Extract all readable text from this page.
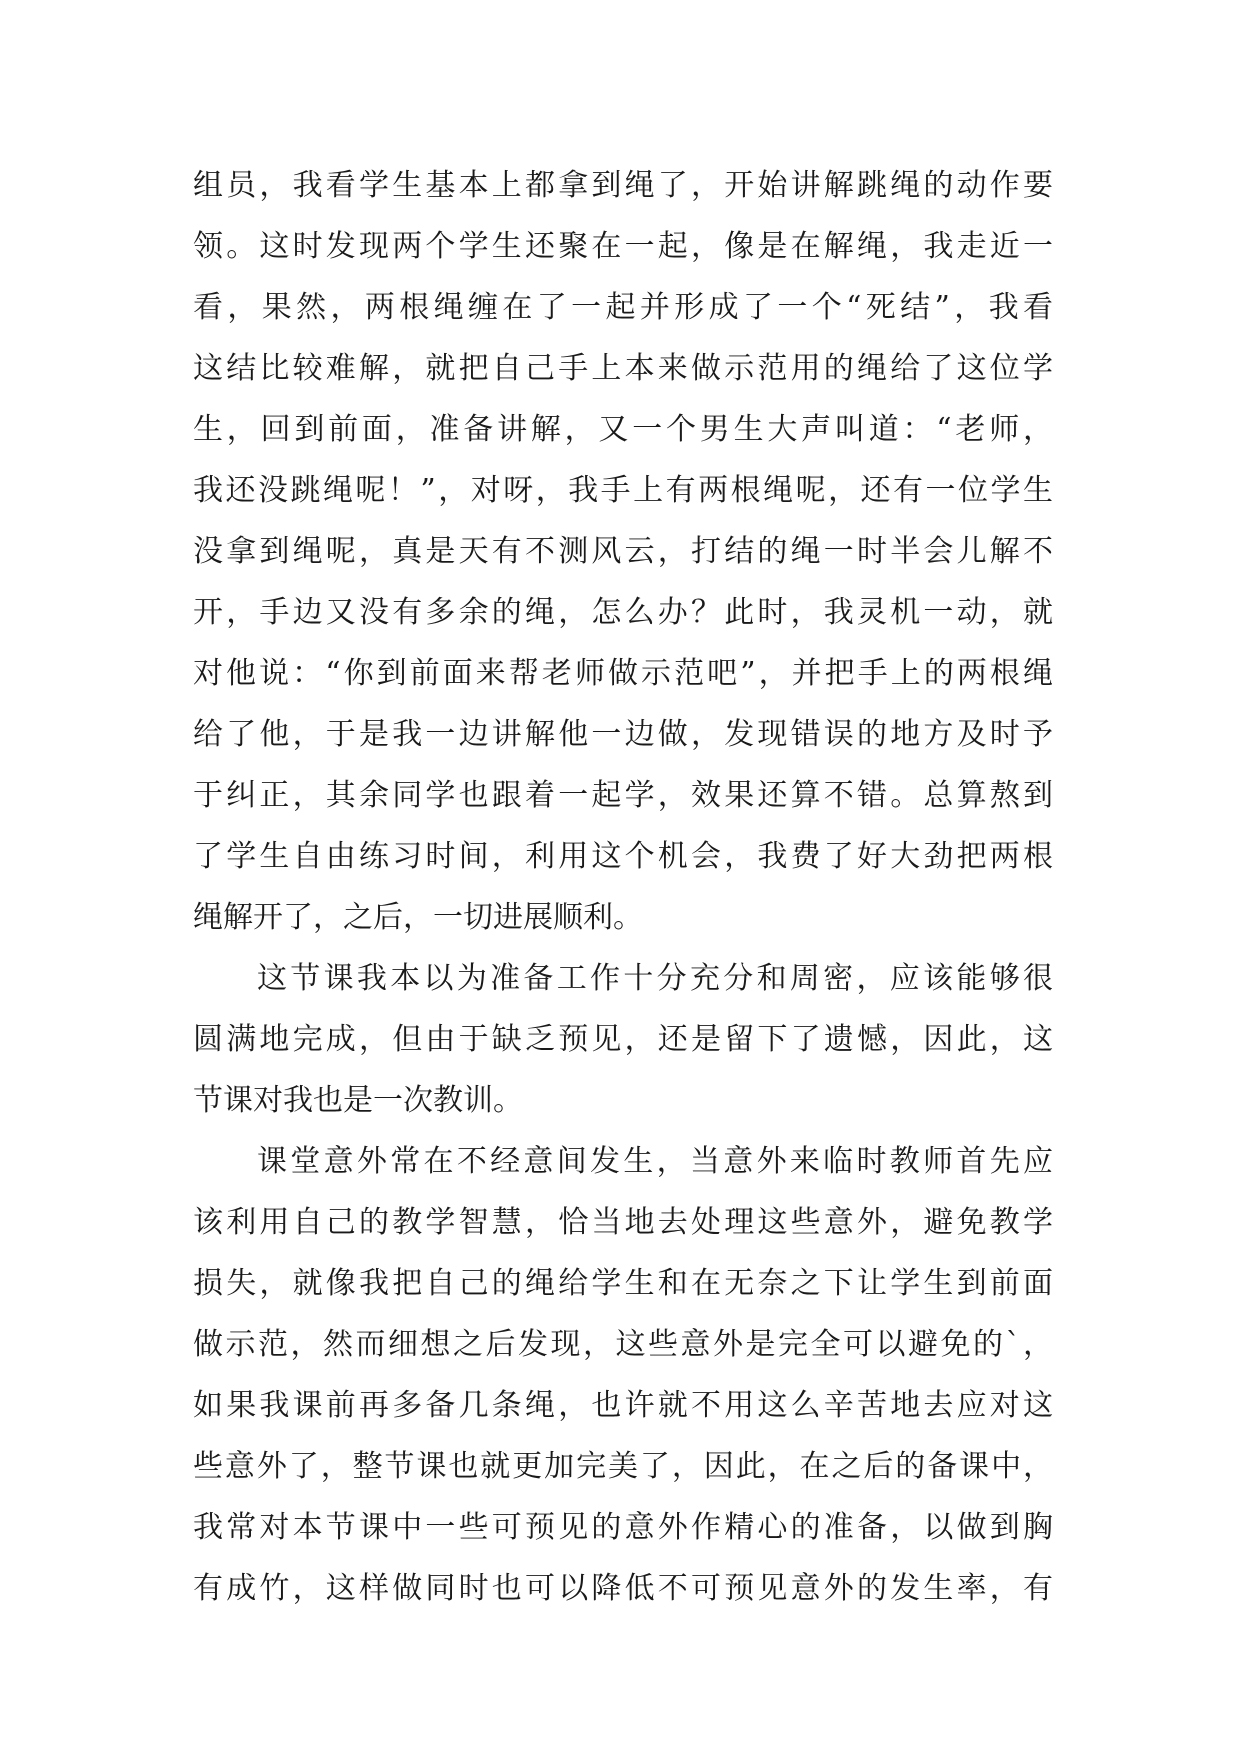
组员，我看学生基本上都拿到绳了，开始讲解跳绳的动作要
领。这时发现两个学生还聚在一起，像是在解绳，我走近一
看，果然，两根绳缠在了一起并形成了一个“死结”，我看
这结比较难解，就把自己手上本来做示范用的绳给了这位学
生，回到前面，准备讲解，又一个男生大声叫道：“老师，
我还没跳绳呢！”，对呀，我手上有两根绳呢，还有一位学生
没拿到绳呢，真是天有不测风云，打结的绳一时半会儿解不
开，手边又没有多余的绳，怎么办？此时，我灵机一动，就
对他说：“你到前面来帮老师做示范吧”，并把手上的两根绳
给了他，于是我一边讲解他一边做，发现错误的地方及时予
于纠正，其余同学也跟着一起学，效果还算不错。总算熬到
了学生自由练习时间，利用这个机会，我费了好大劲把两根
绳解开了，之后，一切进展顺利。
这节课我本以为准备工作十分充分和周密，应该能够很
圆满地完成，但由于缺乏预见，还是留下了遗憾，因此，这
节课对我也是一次教训。
课堂意外常在不经意间发生，当意外来临时教师首先应
该利用自己的教学智慧，恰当地去处理这些意外，避免教学
损失，就像我把自己的绳给学生和在无奈之下让学生到前面
做示范，然而细想之后发现，这些意外是完全可以避免的`，
如果我课前再多备几条绳，也许就不用这么辛苦地去应对这
些意外了，整节课也就更加完美了，因此，在之后的备课中，
我常对本节课中一些可预见的意外作精心的准备，以做到胸
有成竹，这样做同时也可以降低不可预见意外的发生率，有
